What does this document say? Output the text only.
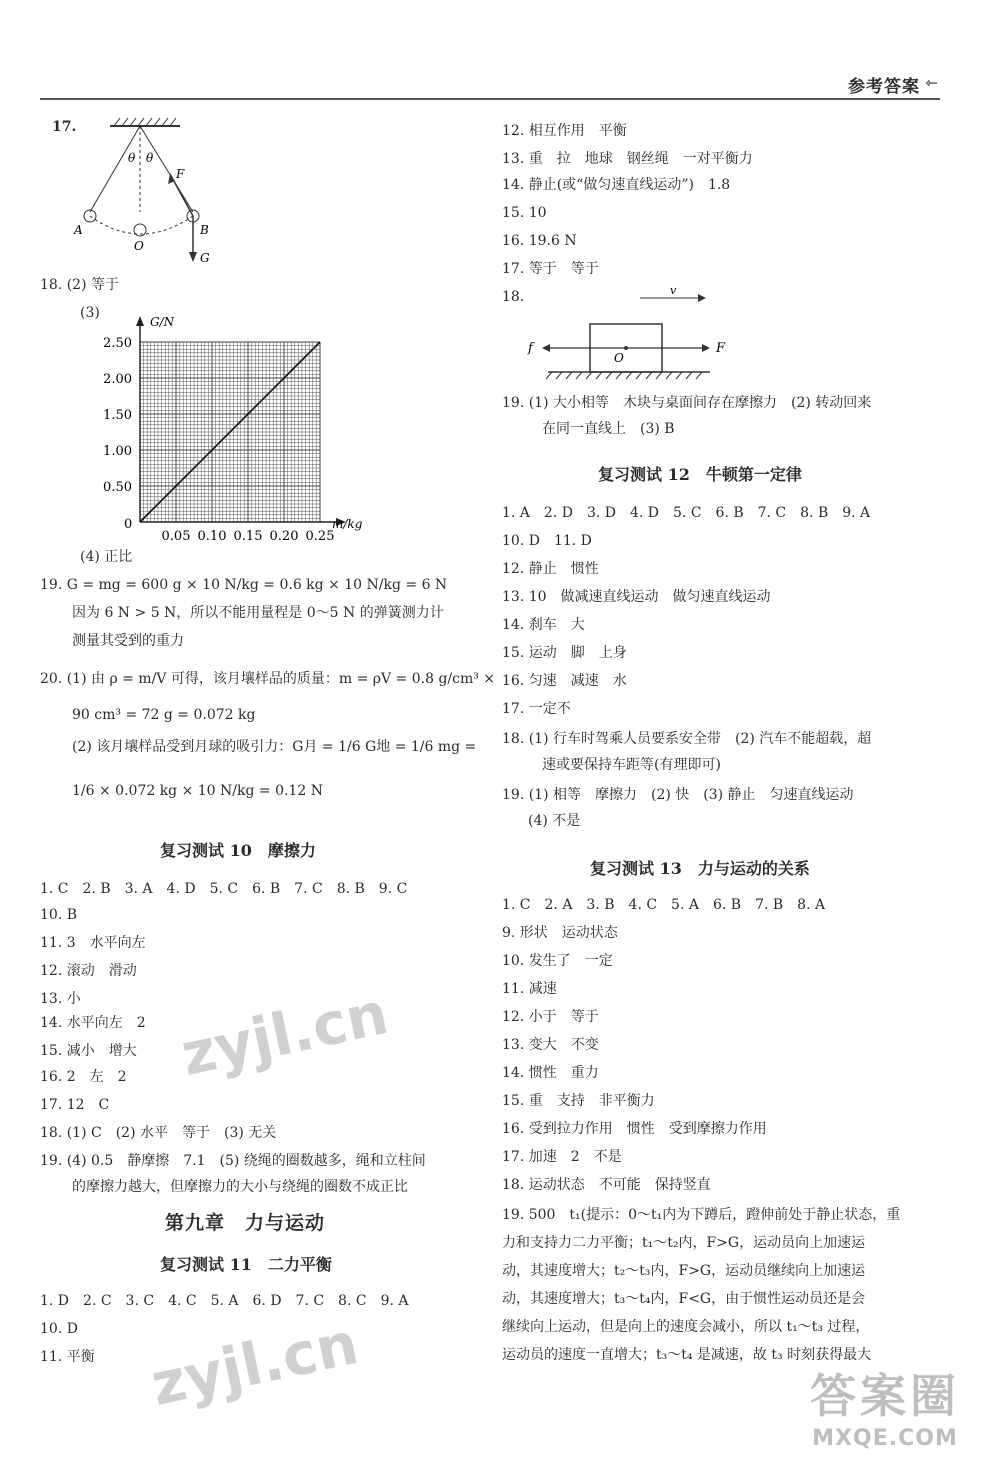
参考答案 ⇽
17.
θ θ
F
A
O
B
G
18. (2) 等于
(3)
m/kg
G/N
0
0.05 0.10 0.15 0.20 0.25
0.50
1.00
1.50
2.00
2.50
(4) 正比
19. G = mg = 600 g × 10 N/kg = 0.6 kg × 10 N/kg = 6 N
因为 6 N > 5 N，所以不能用量程是 0～5 N 的弹簧测力计
测量其受到的重力
20. (1) 由 ρ = m/V 可得，该月壤样品的质量：m = ρV = 0.8 g/cm³ ×
90 cm³ = 72 g = 0.072 kg
(2) 该月壤样品受到月球的吸引力：G月 = 1/6 G地 = 1/6 mg =
1/6 × 0.072 kg × 10 N/kg = 0.12 N
复习测试 10　摩擦力
1. C　2. B　3. A　4. D　5. C　6. B　7. C　8. B　9. C
10. B
11. 3　水平向左
12. 滚动　滑动
13. 小
14. 水平向左　2
15. 减小　增大
16. 2　左　2
17. 12　C
18. (1) C　(2) 水平　等于　(3) 无关
19. (4) 0.5　静摩擦　7.1　(5) 绕绳的圈数越多，绳和立柱间
的摩擦力越大，但摩擦力的大小与绕绳的圈数不成正比
第九章　力与运动
复习测试 11　二力平衡
1. D　2. C　3. C　4. C　5. A　6. D　7. C　8. C　9. A
10. D
11. 平衡
12. 相互作用　平衡
13. 重　拉　地球　钢丝绳　一对平衡力
14. 静止(或“做匀速直线运动”)　1.8
15. 10
16. 19.6 N
17. 等于　等于
18.	v
f
O
F
19. (1) 大小相等　木块与桌面间存在摩擦力　(2) 转动回来
在同一直线上　(3) B
复习测试 12　牛顿第一定律
1. A　2. D　3. D　4. D　5. C　6. B　7. C　8. B　9. A
10. D　11. D
12. 静止　惯性
13. 10　做减速直线运动　做匀速直线运动
14. 刹车　大
15. 运动　脚　上身
16. 匀速　减速　水
17. 一定不
18. (1) 行车时驾乘人员要系安全带　(2) 汽车不能超载，超
速或要保持车距等(有理即可)
19. (1) 相等　摩擦力　(2) 快　(3) 静止　匀速直线运动
(4) 不是
复习测试 13　力与运动的关系
1. C　2. A　3. B　4. C　5. A　6. B　7. B　8. A
9. 形状　运动状态
10. 发生了　一定
11. 减速
12. 小于　等于
13. 变大　不变
14. 惯性　重力
15. 重　支持　非平衡力
16. 受到拉力作用　惯性　受到摩擦力作用
17. 加速　2　不是
18. 运动状态　不可能　保持竖直
19. 500　t₁(提示：0～t₁内为下蹲后，蹬伸前处于静止状态，重
力和支持力二力平衡；t₁～t₂内，F>G，运动员向上加速运
动，其速度增大；t₂～t₃内，F>G，运动员继续向上加速运
动，其速度增大；t₃～t₄内，F<G，由于惯性运动员还是会
继续向上运动，但是向上的速度会减小，所以 t₁～t₃ 过程，
运动员的速度一直增大；t₃～t₄ 是减速，故 t₃ 时刻获得最大
zyjl.cn
zyjl.cn	答案圈
MXQE.COM
